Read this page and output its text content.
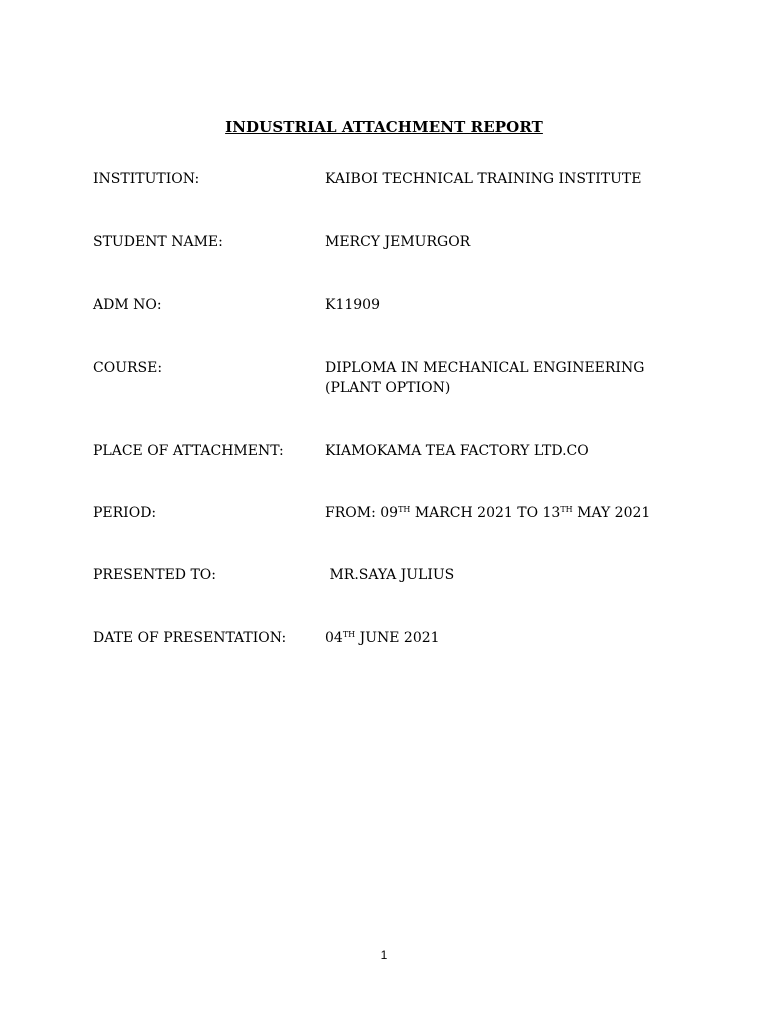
INDUSTRIAL ATTACHMENT REPORT
INSTITUTION:	KAIBOI TECHNICAL TRAINING INSTITUTE
STUDENT NAME:	MERCY JEMURGOR
ADM NO:	K11909
COURSE:	DIPLOMA IN MECHANICAL ENGINEERING
(PLANT OPTION)
PLACE OF ATTACHMENT:	KIAMOKAMA TEA FACTORY LTD.CO
PERIOD:	FROM: 09TH MARCH 2021 TO 13TH MAY 2021
PRESENTED TO:	MR.SAYA JULIUS
DATE OF PRESENTATION:	04TH JUNE 2021
1
